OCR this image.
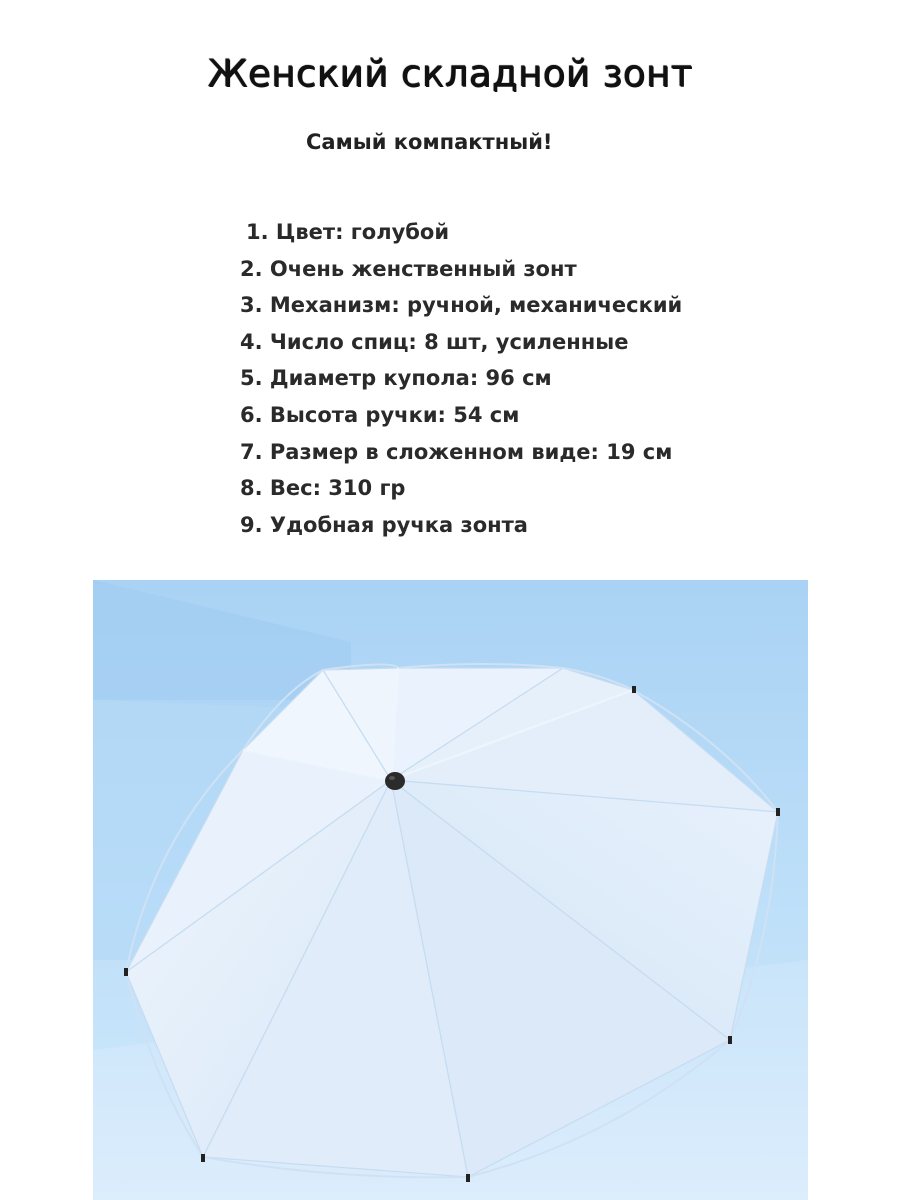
Женский складной зонт
Самый компактный!
1. Цвет: голубой
2. Очень женственный зонт
3. Механизм: ручной, механический
4. Число спиц: 8 шт, усиленные
5. Диаметр купола: 96 см
6. Высота ручки: 54 см
7. Размер в сложенном виде: 19 см
8. Вес: 310 гр
9. Удобная ручка зонта
